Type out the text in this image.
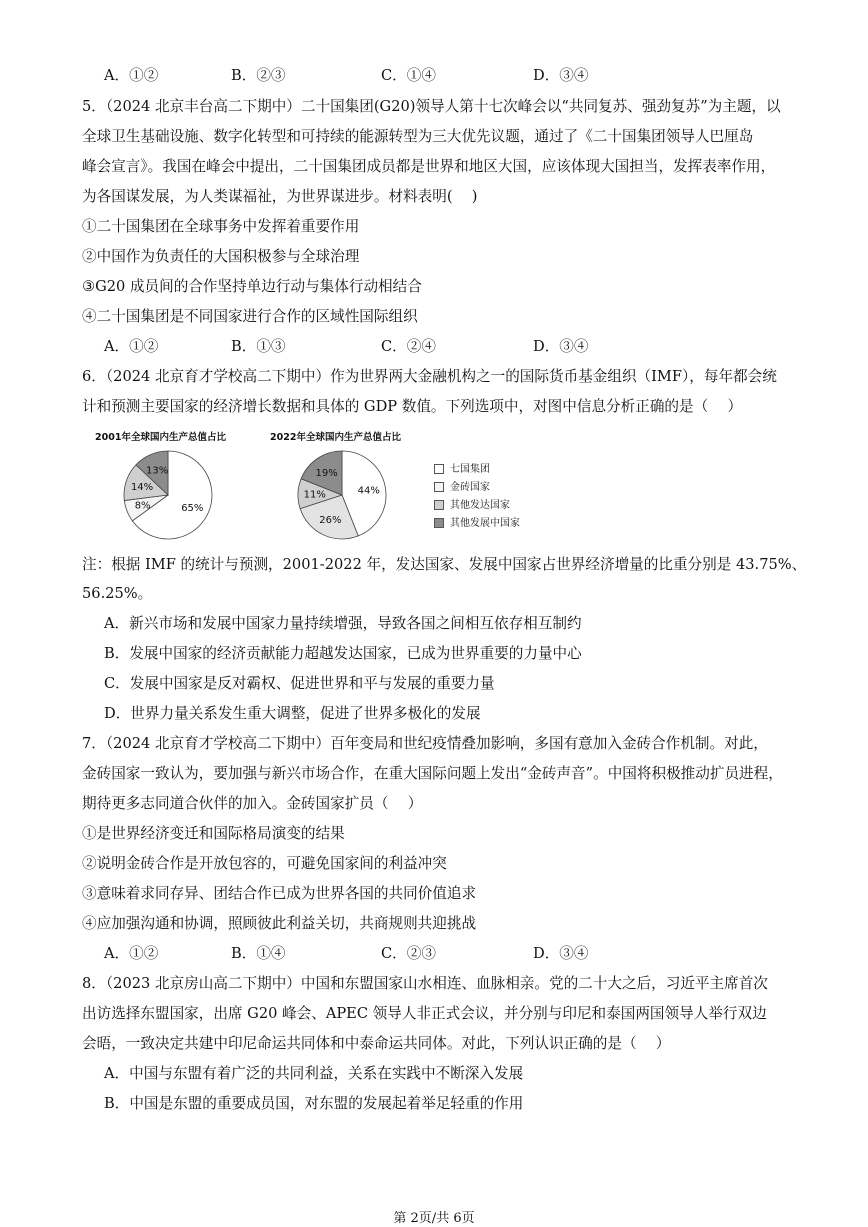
A．①②	B．②③	C．①④	D．③④
5．（2024 北京丰台高二下期中）二十国集团(G20)领导人第十七次峰会以“共同复苏、强劲复苏”为主题，以
全球卫生基础设施、数字化转型和可持续的能源转型为三大优先议题，通过了《二十国集团领导人巴厘岛
峰会宣言》。我国在峰会中提出，二十国集团成员都是世界和地区大国，应该体现大国担当，发挥表率作用，
为各国谋发展，为人类谋福祉，为世界谋进步。材料表明(　 )
①二十国集团在全球事务中发挥着重要作用
②中国作为负责任的大国积极参与全球治理
③G20 成员间的合作坚持单边行动与集体行动相结合
④二十国集团是不同国家进行合作的区域性国际组织
A．①②	B．①③	C．②④	D．③④
6．（2024 北京育才学校高二下期中）作为世界两大金融机构之一的国际货币基金组织（IMF），每年都会统
计和预测主要国家的经济增长数据和具体的 GDP 数值。下列选项中，对图中信息分析正确的是（　 ）
2001年全球国内生产总值占比	2022年全球国内生产总值占比
65%
8%
14%
13%
44%
26%
11%
19%	七国集团
金砖国家
其他发达国家
其他发展中国家
注：根据 IMF 的统计与预测，2001-2022 年，发达国家、发展中国家占世界经济增量的比重分别是 43.75%、
56.25%。
A．新兴市场和发展中国家力量持续增强，导致各国之间相互依存相互制约
B．发展中国家的经济贡献能力超越发达国家，已成为世界重要的力量中心
C．发展中国家是反对霸权、促进世界和平与发展的重要力量
D．世界力量关系发生重大调整，促进了世界多极化的发展
7．（2024 北京育才学校高二下期中）百年变局和世纪疫情叠加影响，多国有意加入金砖合作机制。对此，
金砖国家一致认为，要加强与新兴市场合作，在重大国际问题上发出“金砖声音”。中国将积极推动扩员进程，
期待更多志同道合伙伴的加入。金砖国家扩员（　 ）
①是世界经济变迁和国际格局演变的结果
②说明金砖合作是开放包容的，可避免国家间的利益冲突
③意味着求同存异、团结合作已成为世界各国的共同价值追求
④应加强沟通和协调，照顾彼此利益关切，共商规则共迎挑战
A．①②	B．①④	C．②③	D．③④
8．（2023 北京房山高二下期中）中国和东盟国家山水相连、血脉相亲。党的二十大之后，习近平主席首次
出访选择东盟国家，出席 G20 峰会、APEC 领导人非正式会议，并分别与印尼和泰国两国领导人举行双边
会晤，一致决定共建中印尼命运共同体和中泰命运共同体。对此，下列认识正确的是（　 ）
A．中国与东盟有着广泛的共同利益，关系在实践中不断深入发展
B．中国是东盟的重要成员国，对东盟的发展起着举足轻重的作用
第 2页/共 6页
